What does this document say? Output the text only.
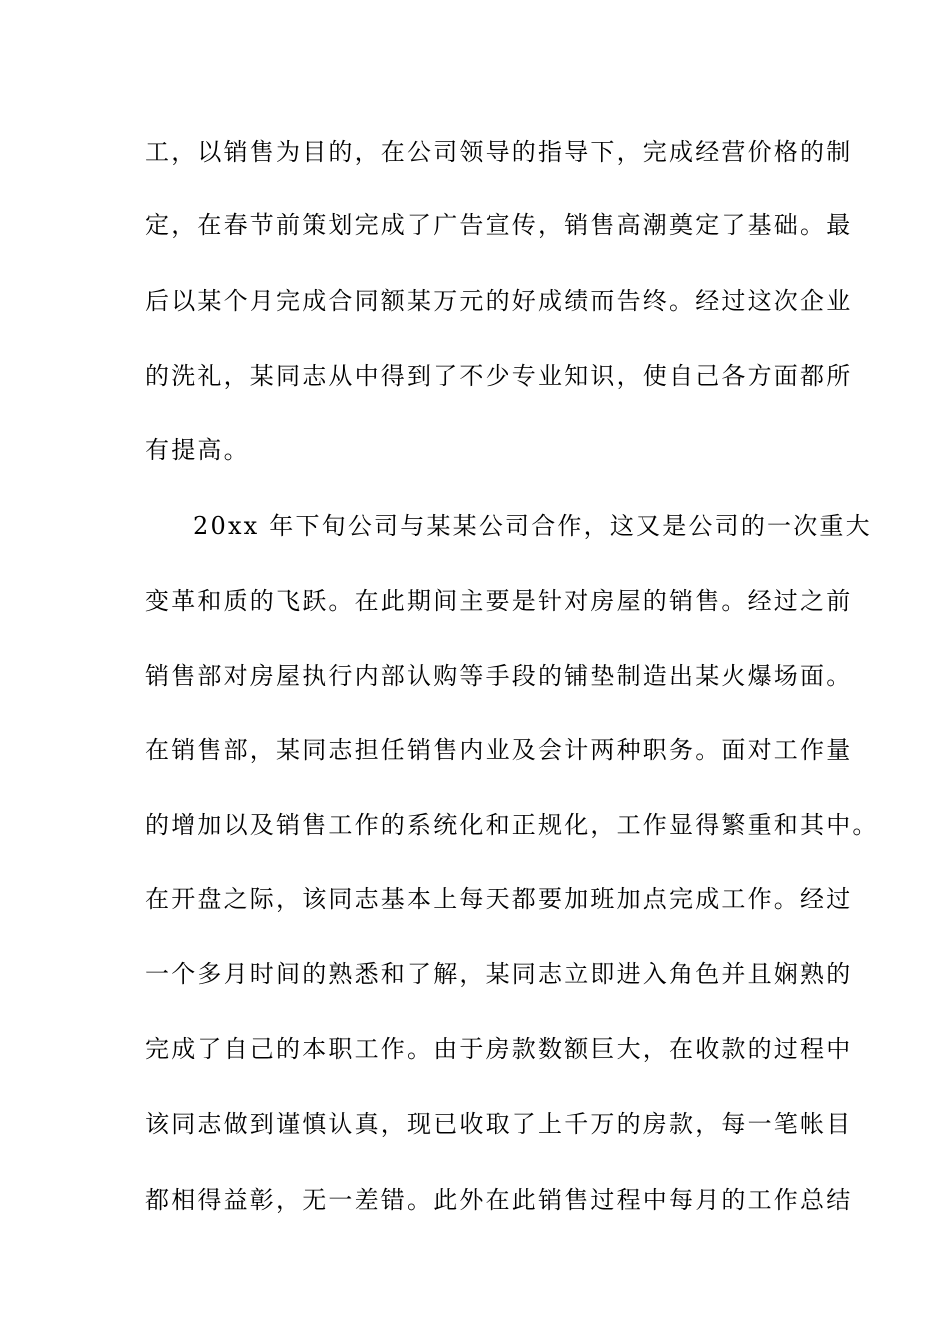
工，以销售为目的，在公司领导的指导下，完成经营价格的制
定，在春节前策划完成了广告宣传，销售高潮奠定了基础。最
后以某个月完成合同额某万元的好成绩而告终。经过这次企业
的洗礼，某同志从中得到了不少专业知识，使自己各方面都所
有提高。
20xx 年下旬公司与某某公司合作，这又是公司的一次重大
变革和质的飞跃。在此期间主要是针对房屋的销售。经过之前
销售部对房屋执行内部认购等手段的铺垫制造出某火爆场面。
在销售部，某同志担任销售内业及会计两种职务。面对工作量
的增加以及销售工作的系统化和正规化，工作显得繁重和其中。
在开盘之际，该同志基本上每天都要加班加点完成工作。经过
一个多月时间的熟悉和了解，某同志立即进入角色并且娴熟的
完成了自己的本职工作。由于房款数额巨大，在收款的过程中
该同志做到谨慎认真，现已收取了上千万的房款，每一笔帐目
都相得益彰，无一差错。此外在此销售过程中每月的工作总结
